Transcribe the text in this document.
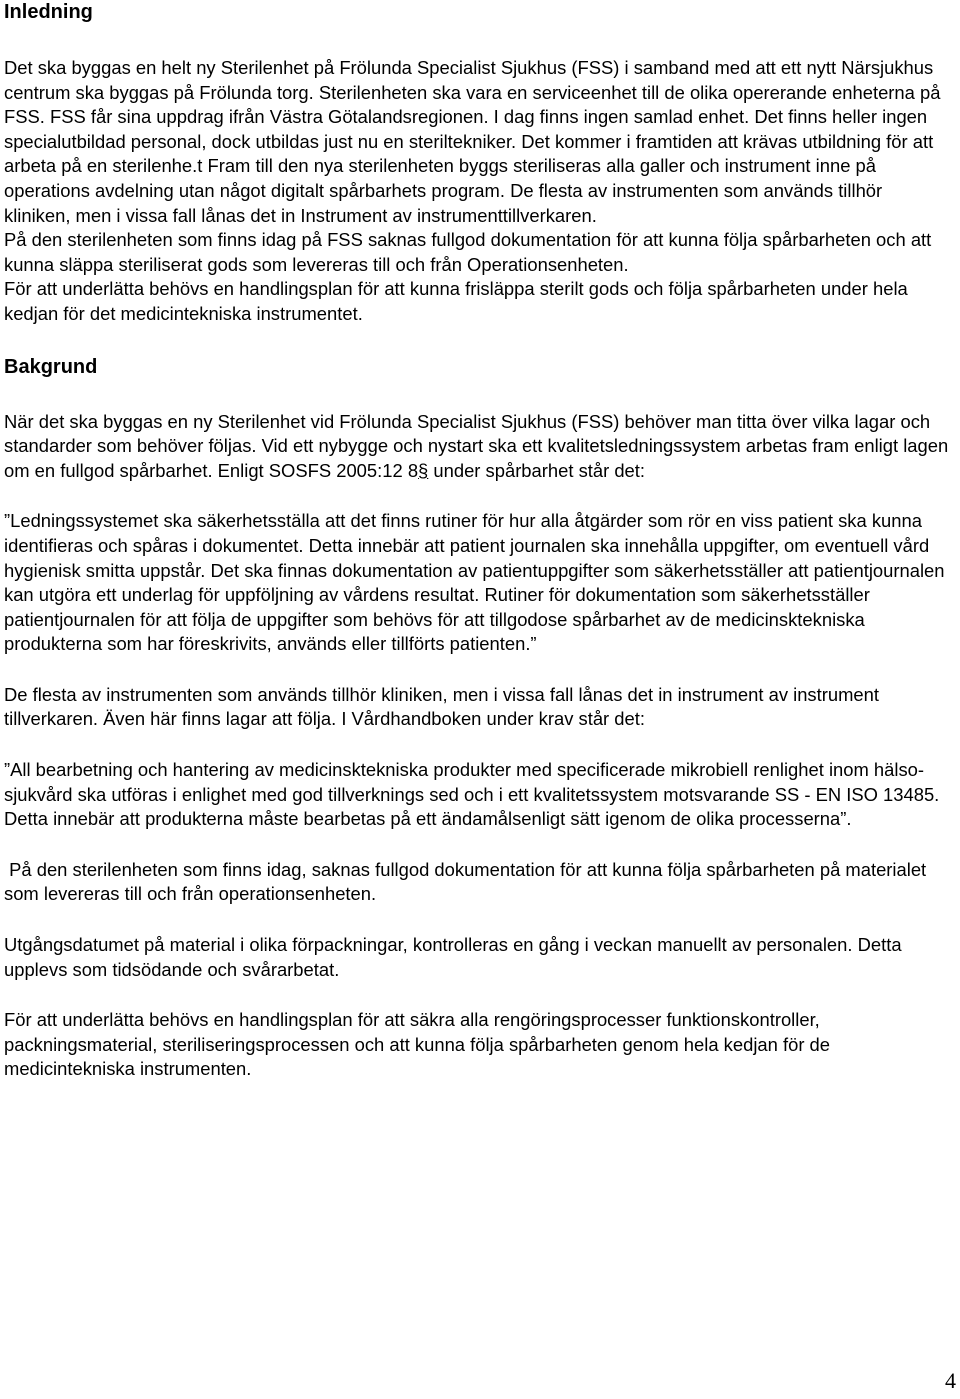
Inledning

Det ska byggas en helt ny Sterilenhet på Frölunda Specialist Sjukhus (FSS) i samband med att ett nytt Närsjukhus centrum ska byggas på Frölunda torg. Sterilenheten ska vara en serviceenhet till de olika opererande enheterna på FSS. FSS får sina uppdrag ifrån Västra Götalandsregionen. I dag finns ingen samlad enhet. Det finns heller ingen specialutbildad personal, dock utbildas just nu en steriltekniker. Det kommer i framtiden att krävas utbildning för att arbeta på en sterilenhe.t Fram till den nya sterilenheten byggs steriliseras alla galler och instrument inne på operations avdelning utan något digitalt spårbarhets program. De flesta av instrumenten som används tillhör kliniken, men i vissa fall lånas det in Instrument av instrumenttillverkaren.

På den sterilenheten som finns idag på FSS saknas fullgod dokumentation för att kunna följa spårbarheten och att kunna släppa steriliserat gods som levereras till och från Operationsenheten.

För att underlätta behövs en handlingsplan för att kunna frisläppa sterilt gods och följa spårbarheten under hela kedjan för det medicintekniska instrumentet.

Bakgrund

När det ska byggas en ny Sterilenhet vid Frölunda Specialist Sjukhus (FSS) behöver man titta över vilka lagar och standarder som behöver följas. Vid ett nybygge och nystart ska ett kvalitetsledningssystem arbetas fram enligt lagen om en fullgod spårbarhet. Enligt SOSFS 2005:12 8§ under spårbarhet står det:

”Ledningssystemet ska säkerhetsställa att det finns rutiner för hur alla åtgärder som rör en viss patient ska kunna identifieras och spåras i dokumentet. Detta innebär att patient journalen ska innehålla uppgifter, om eventuell vård hygienisk smitta uppstår. Det ska finnas dokumentation av patientuppgifter som säkerhetsställer att patientjournalen kan utgöra ett underlag för uppföljning av vårdens resultat. Rutiner för dokumentation som säkerhetsställer patientjournalen för att följa de uppgifter som behövs för att tillgodose spårbarhet av de medicinsktekniska produkterna som har föreskrivits, används eller tillförts patienten.”

De flesta av instrumenten som används tillhör kliniken, men i vissa fall lånas det in instrument av instrument tillverkaren. Även här finns lagar att följa. I Vårdhandboken under krav står det:

”All bearbetning och hantering av medicinsktekniska produkter med specificerade mikrobiell renlighet inom hälso-sjukvård ska utföras i enlighet med god tillverknings sed och i ett kvalitetssystem motsvarande SS - EN ISO 13485. Detta innebär att produkterna måste bearbetas på ett ändamålsenligt sätt igenom de olika processerna”.

På den sterilenheten som finns idag, saknas fullgod dokumentation för att kunna följa spårbarheten på materialet som levereras till och från operationsenheten.

Utgångsdatumet på material i olika förpackningar, kontrolleras en gång i veckan manuellt av personalen. Detta upplevs som tidsödande och svårarbetat.

För att underlätta behövs en handlingsplan för att säkra alla rengöringsprocesser funktionskontroller, packningsmaterial, steriliseringsprocessen och att kunna följa spårbarheten genom hela kedjan för de medicintekniska instrumenten.

4
